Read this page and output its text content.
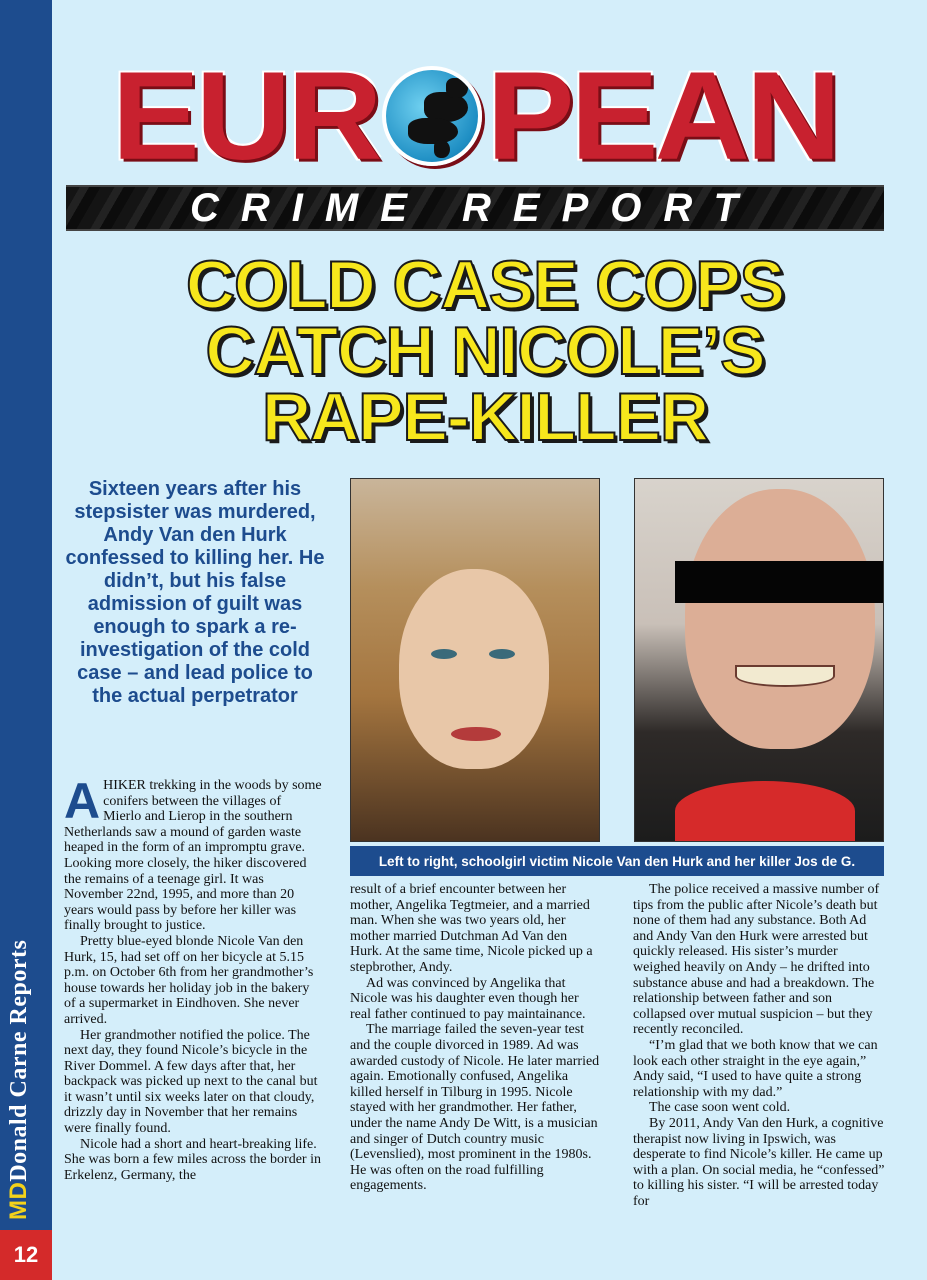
MDDonald Carne Reports
12
EUR PEAN
CRIME REPORT
COLD CASE COPS
CATCH NICOLE’S
RAPE-KILLER
Sixteen years after his stepsister was murdered, Andy Van den Hurk confessed to killing her. He didn’t, but his false admission of guilt was enough to spark a re-investigation of the cold case – and lead police to the actual perpetrator
Left to right, schoolgirl victim Nicole Van den Hurk and her killer Jos de G.

AHIKER trekking in the woods by some conifers between the villages of Mierlo and Lierop in the southern Netherlands saw a mound of garden waste heaped in the form of an impromptu grave. Looking more closely, the hiker discovered the remains of a teenage girl. It was November 22nd, 1995, and more than 20 years would pass by before her killer was finally brought to justice.

Pretty blue-eyed blonde Nicole Van den Hurk, 15, had set off on her bicycle at 5.15 p.m. on October 6th from her grandmother’s house towards her holiday job in the bakery of a supermarket in Eindhoven. She never arrived.

Her grandmother notified the police. The next day, they found Nicole’s bicycle in the River Dommel. A few days after that, her backpack was picked up next to the canal but it wasn’t until six weeks later on that cloudy, drizzly day in November that her remains were finally found.

Nicole had a short and heart-breaking life. She was born a few miles across the border in Erkelenz, Germany, the

result of a brief encounter between her mother, Angelika Tegtmeier, and a married man. When she was two years old, her mother married Dutchman Ad Van den Hurk. At the same time, Nicole picked up a stepbrother, Andy.

Ad was convinced by Angelika that Nicole was his daughter even though her real father continued to pay maintainance.

The marriage failed the seven-year test and the couple divorced in 1989. Ad was awarded custody of Nicole. He later married again. Emotionally confused, Angelika killed herself in Tilburg in 1995. Nicole stayed with her grandmother. Her father, under the name Andy De Witt, is a musician and singer of Dutch country music (Levenslied), most prominent in the 1980s. He was often on the road fulfilling engagements.

The police received a massive number of tips from the public after Nicole’s death but none of them had any substance. Both Ad and Andy Van den Hurk were arrested but quickly released. His sister’s murder weighed heavily on Andy – he drifted into substance abuse and had a breakdown. The relationship between father and son collapsed over mutual suspicion – but they recently reconciled.

“I’m glad that we both know that we can look each other straight in the eye again,” Andy said, “I used to have quite a strong relationship with my dad.”

The case soon went cold.

By 2011, Andy Van den Hurk, a cognitive therapist now living in Ipswich, was desperate to find Nicole’s killer. He came up with a plan. On social media, he “confessed” to killing his sister. “I will be arrested today for
